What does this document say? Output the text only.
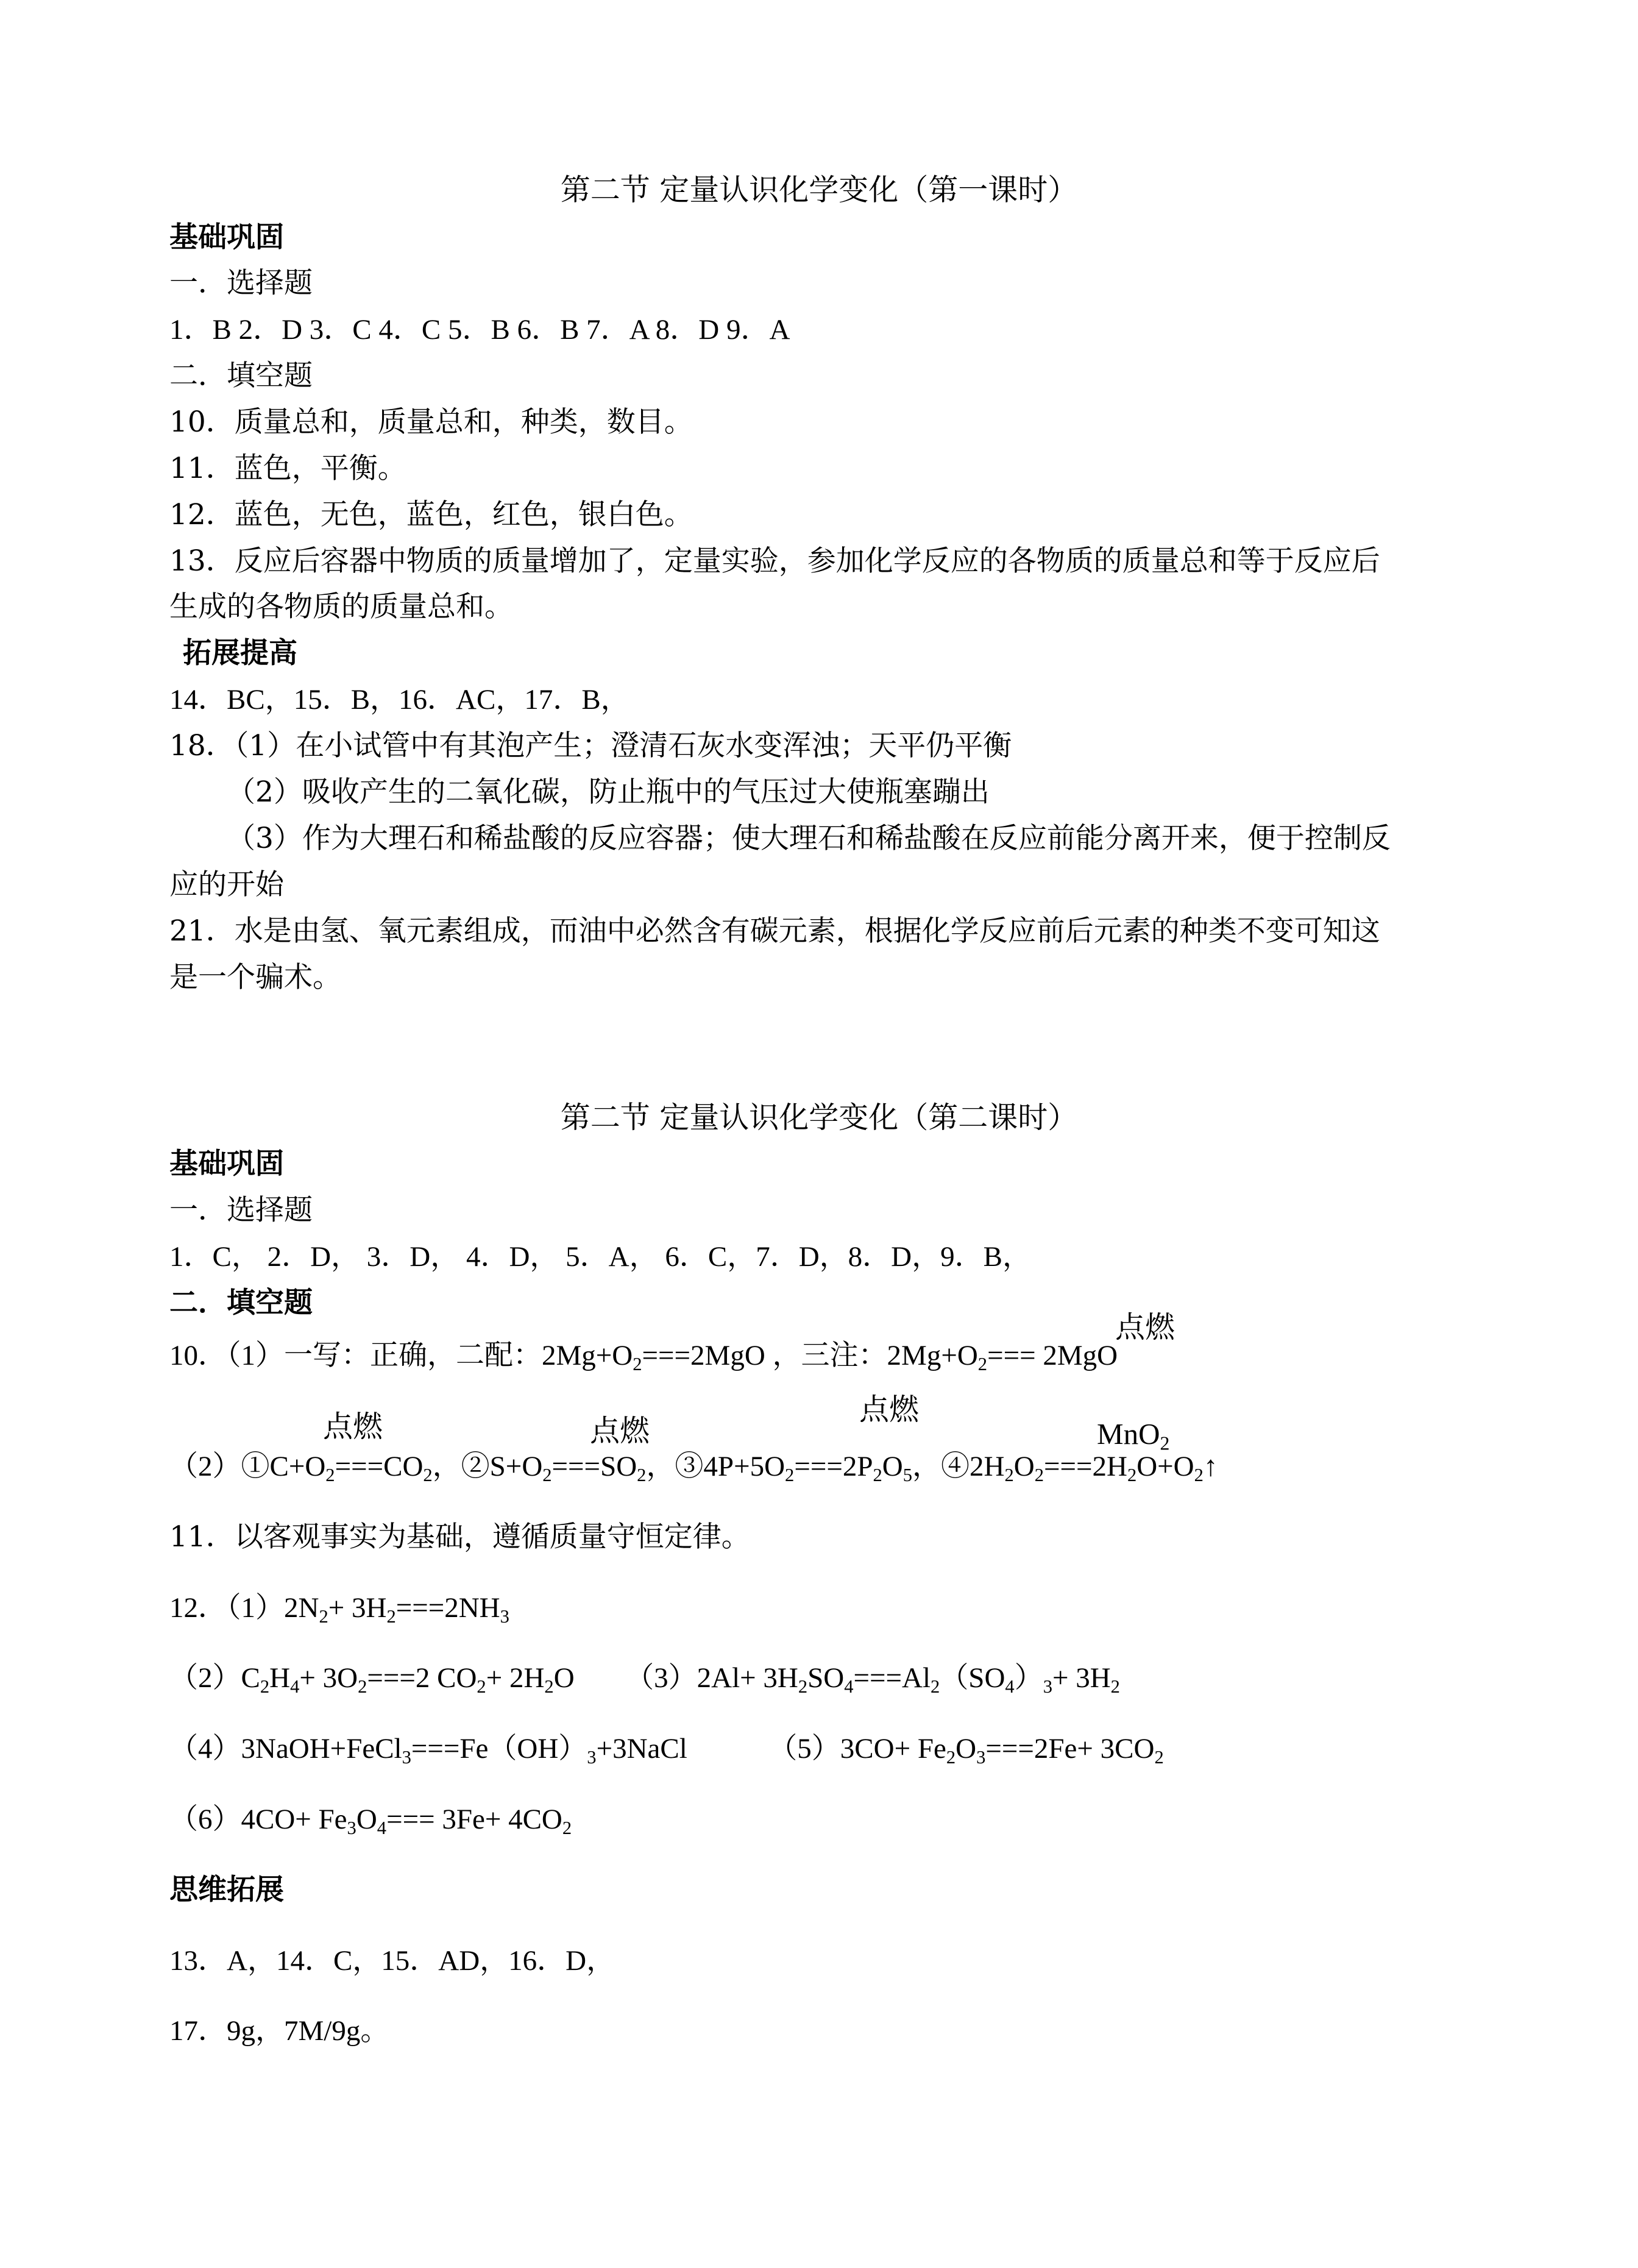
第二节 定量认识化学变化（第一课时）
基础巩固
一．选择题
1．B 2．D 3．C 4．C 5．B 6．B 7．A 8．D 9．A
二．填空题
10．质量总和，质量总和，种类，数目。
11．蓝色，平衡。
12．蓝色，无色，蓝色，红色，银白色。
13．反应后容器中物质的质量增加了，定量实验，参加化学反应的各物质的质量总和等于反应后
生成的各物质的质量总和。
拓展提高
14．BC，15．B，16．AC，17．B，
18．（1）在小试管中有其泡产生；澄清石灰水变浑浊；天平仍平衡
（2）吸收产生的二氧化碳，防止瓶中的气压过大使瓶塞蹦出
（3）作为大理石和稀盐酸的反应容器；使大理石和稀盐酸在反应前能分离开来，便于控制反
应的开始
21．水是由氢、氧元素组成，而油中必然含有碳元素，根据化学反应前后元素的种类不变可知这
是一个骗术。
第二节 定量认识化学变化（第二课时）
基础巩固
一．选择题
1．C， 2．D， 3．D， 4．D， 5．A， 6．C，7．D，8．D，9．B，
二．填空题
点燃
10．（1）一写：正确，二配：$2Mg+O_2===2MgO$ ，三注：$2Mg+O_2=== 2MgO$
点燃	点燃
点燃
MnO$_2$
$(2)①C+O_2===CO_2$，$②S+O_2===SO_2$，$③4P+5O_2===2P_2O_5$，$④2H_2O_2===2H_2O+O_2↑$
11．以客观事实为基础，遵循质量守恒定律。
12．$(1)2N_2+ 3H_2===2NH_3$
$(2)C_2H_4+ 3O_2===2$ $CO_2+ 2H_2O$ $(3)2Al+ 3H_2SO_4===Al_2(SO_4)_3+ 3H_2$
$(4)3NaOH+FeCl_3===Fe(OH)_3+3NaCl$	$(5)3CO+ Fe_2O_3===2Fe+ 3CO_2$
$(6)4CO+ Fe_3O_4=== 3Fe+ 4CO_2$
思维拓展
13．A，14．C，15．AD，16．D，
17．9g，7M/9g。
